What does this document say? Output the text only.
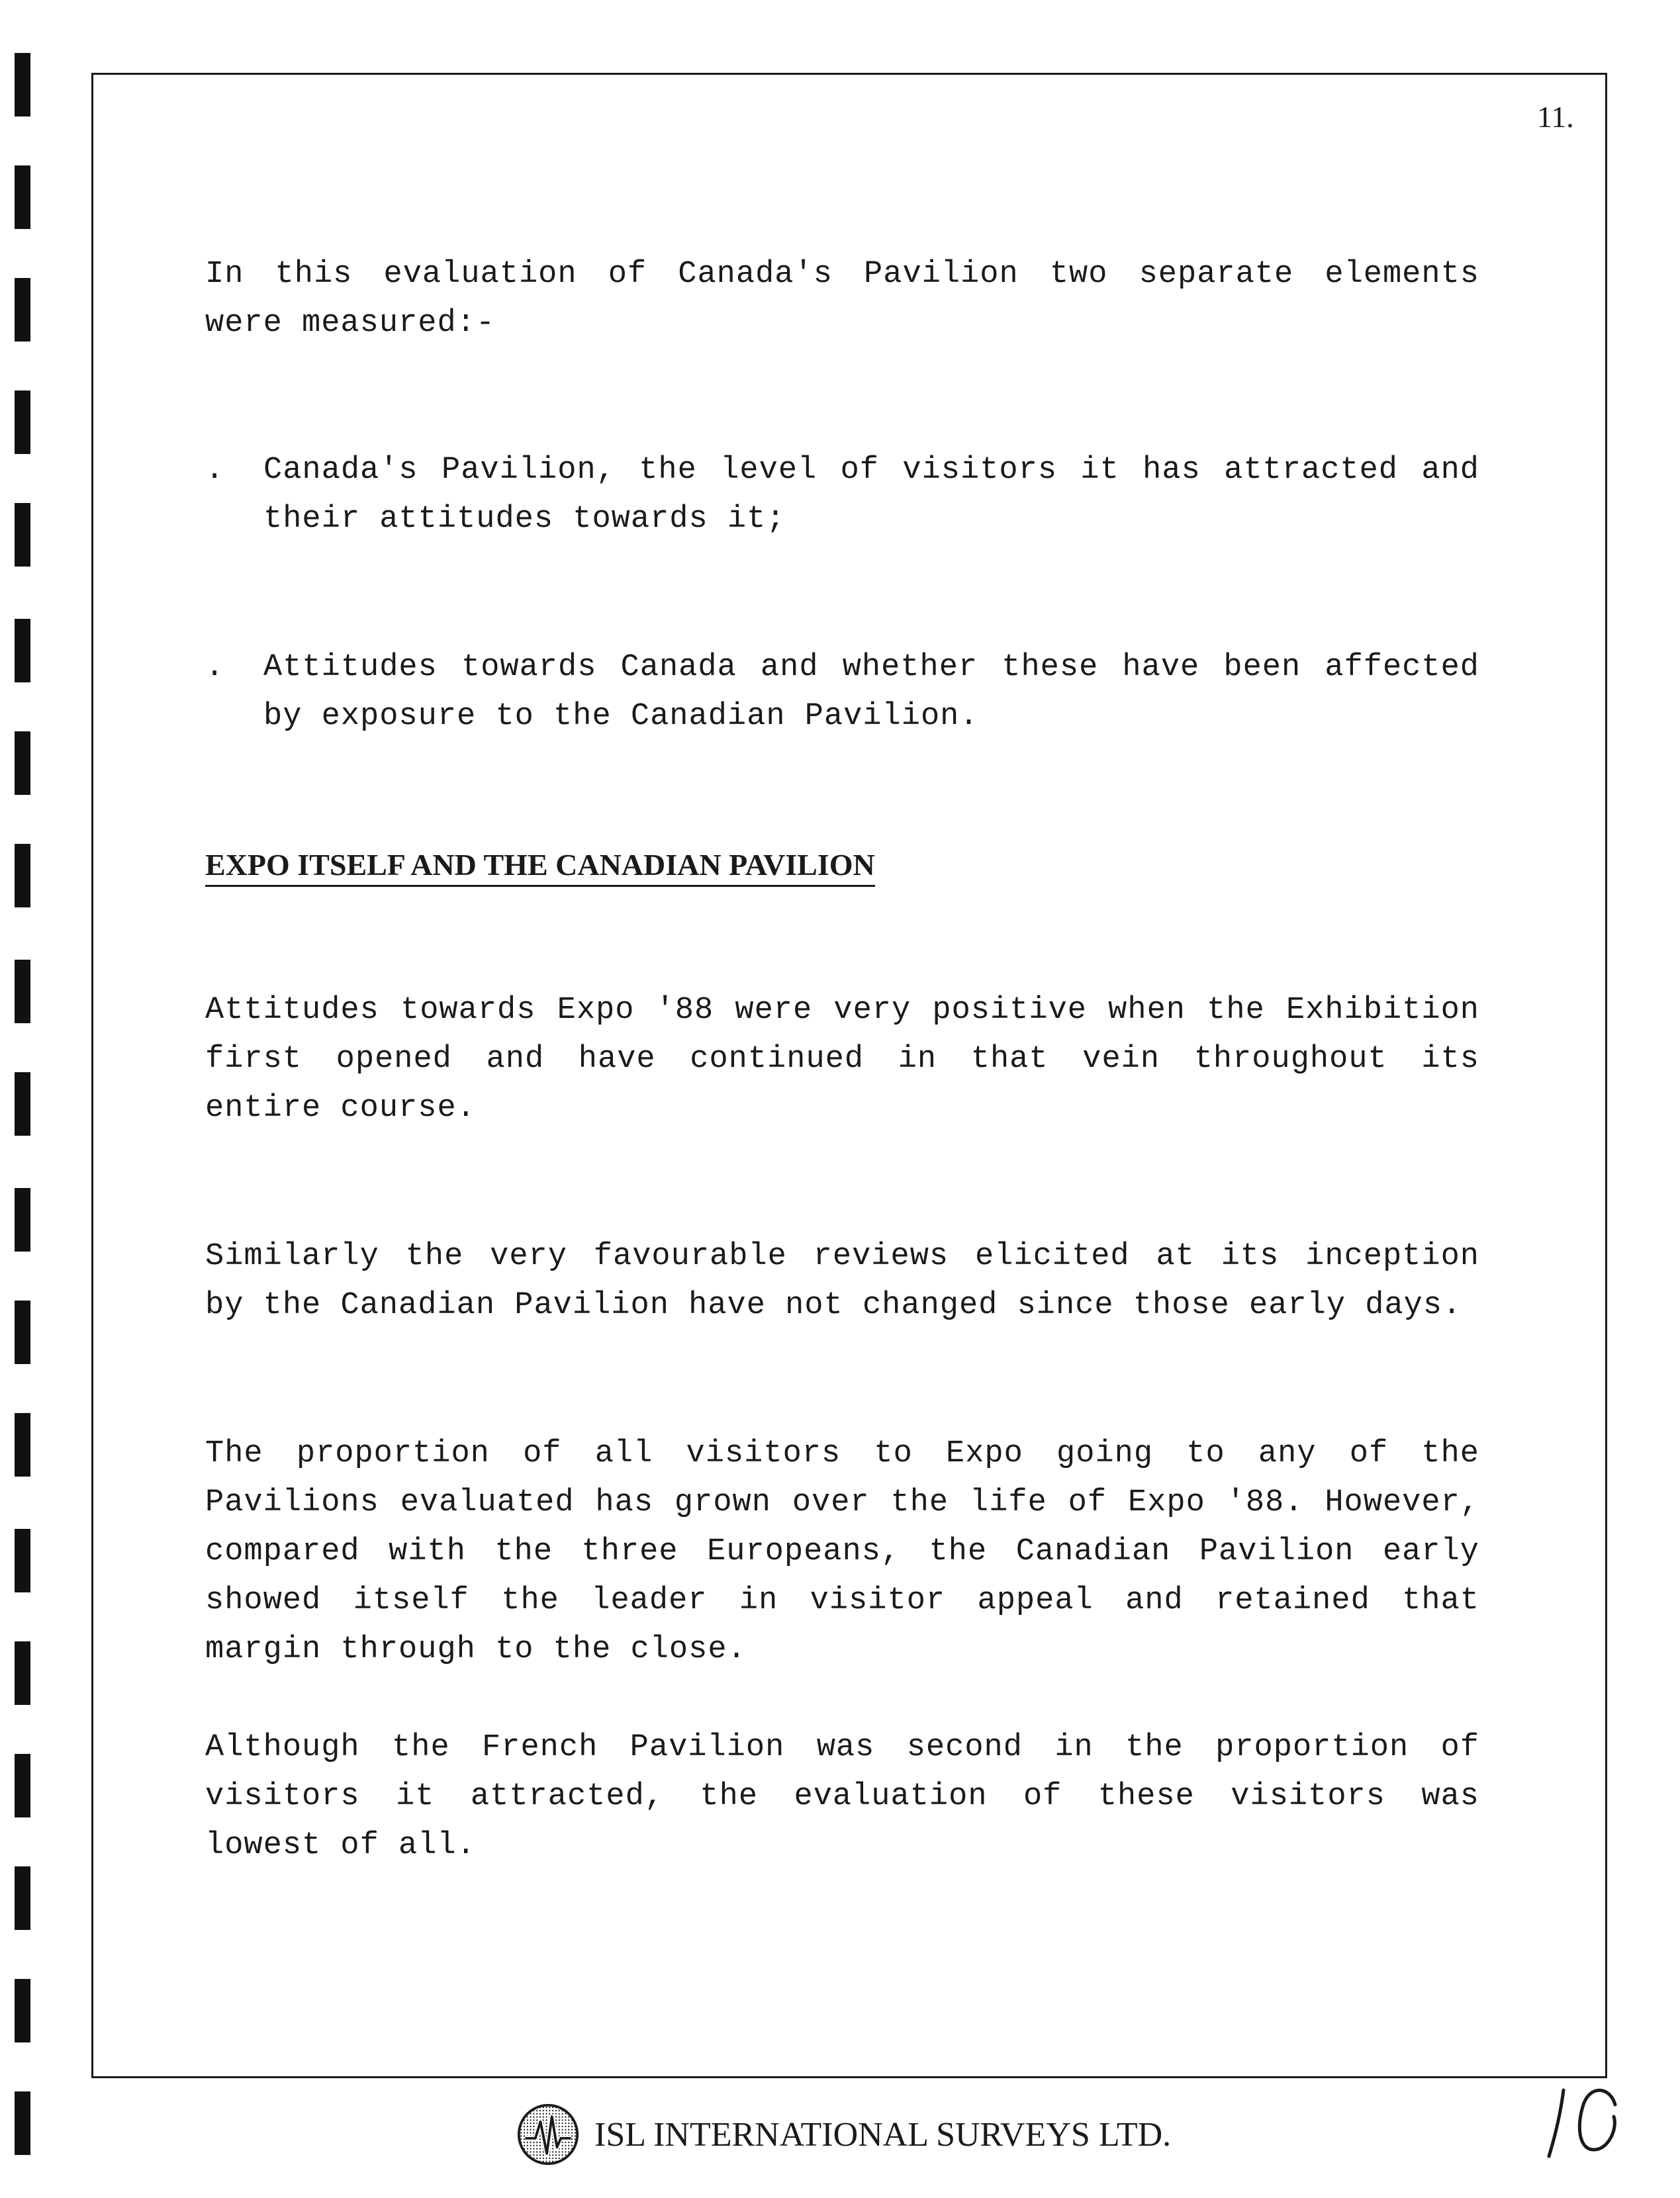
11.

In this evaluation of Canada's Pavilion two separate elements were measured:-

. Canada's Pavilion, the level of visitors it has attracted and their attitudes towards it;

. Attitudes towards Canada and whether these have been affected by exposure to the Canadian Pavilion.

EXPO ITSELF AND THE CANADIAN PAVILION

Attitudes towards Expo '88 were very positive when the Exhibition first opened and have continued in that vein throughout its entire course.

Similarly the very favourable reviews elicited at its inception by the Canadian Pavilion have not changed since those early days.

The proportion of all visitors to Expo going to any of the Pavilions evaluated has grown over the life of Expo '88. However, compared with the three Europeans, the Canadian Pavilion early showed itself the leader in visitor appeal and retained that margin through to the close.

Although the French Pavilion was second in the proportion of visitors it attracted, the evaluation of these visitors was lowest of all.

ISL INTERNATIONAL SURVEYS LTD.
